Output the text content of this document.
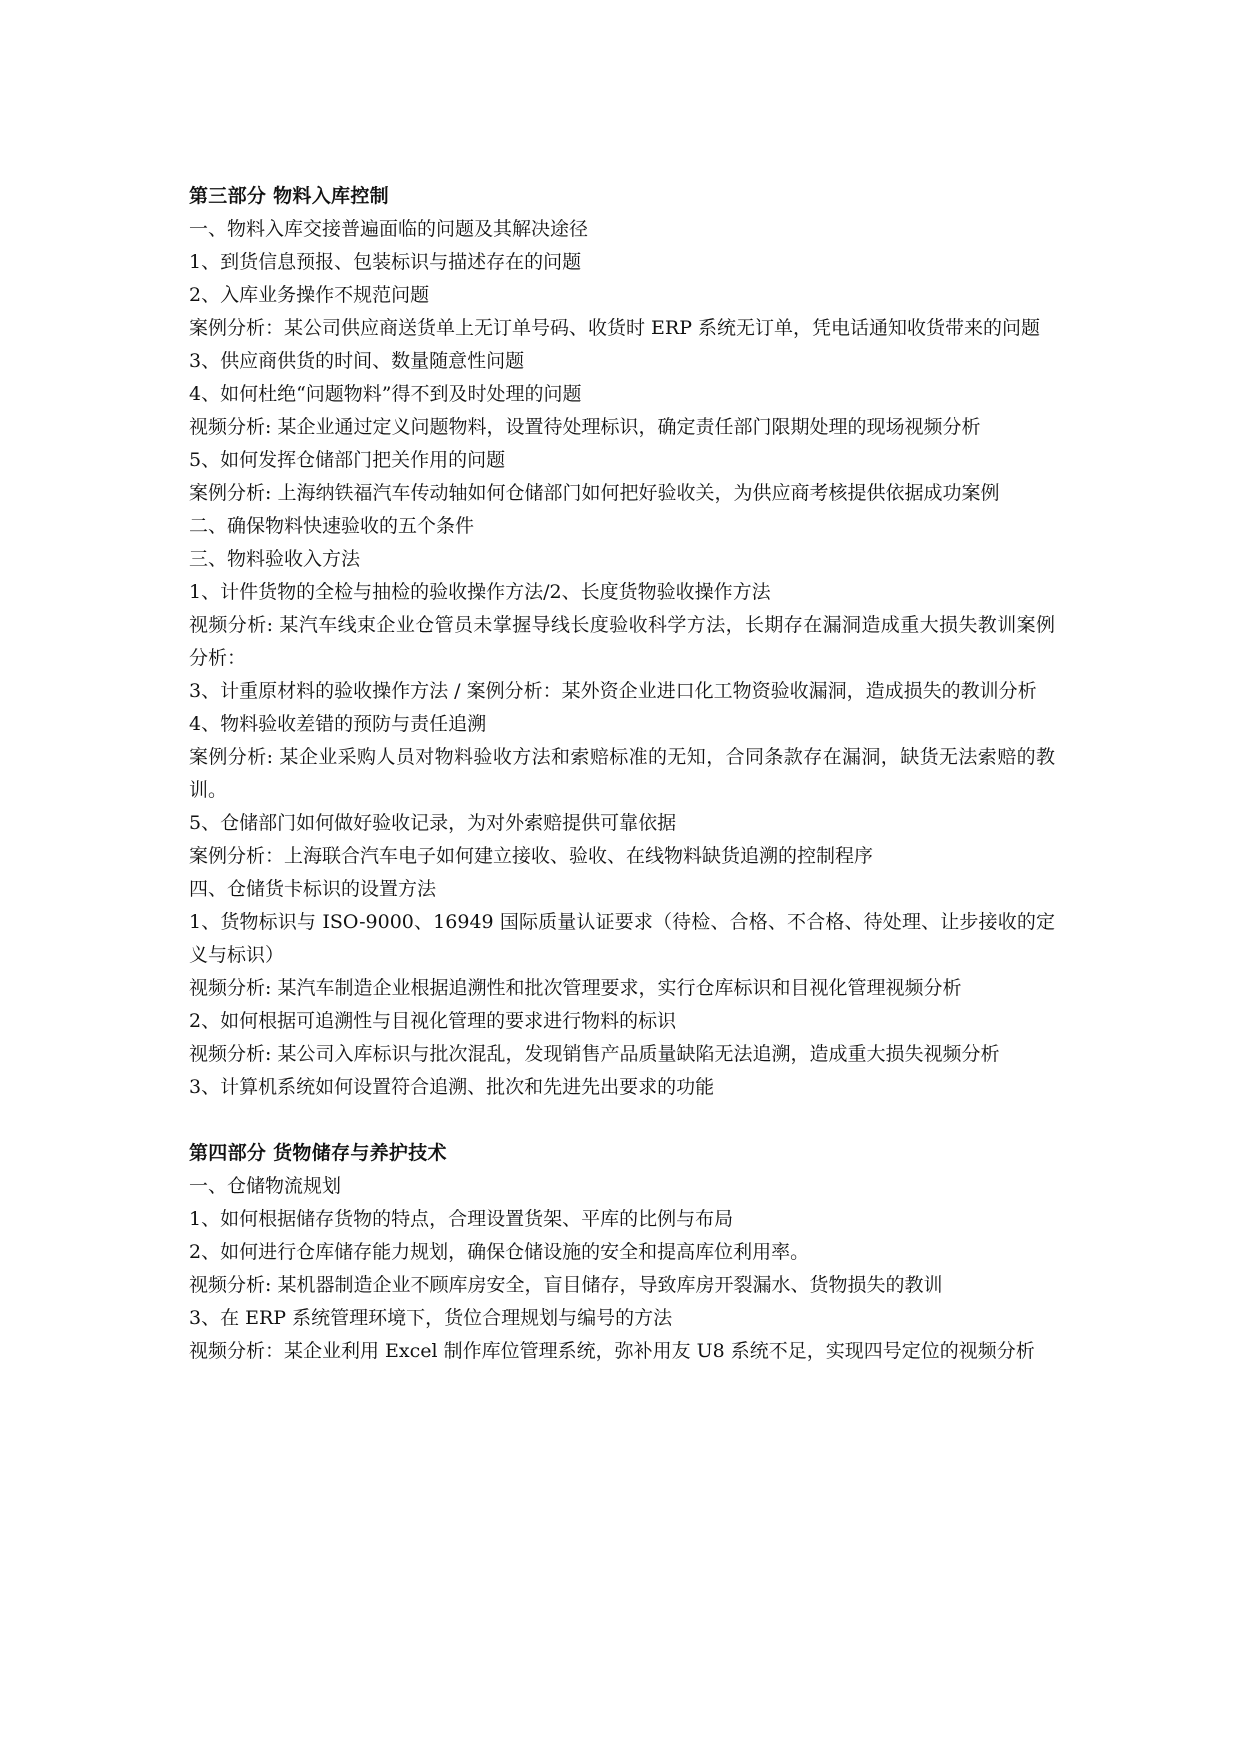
第三部分 物料入库控制
一、物料入库交接普遍面临的问题及其解决途径
1、到货信息预报、包装标识与描述存在的问题
2、入库业务操作不规范问题
案例分析：某公司供应商送货单上无订单号码、收货时 ERP 系统无订单，凭电话通知收货带来的问题
3、供应商供货的时间、数量随意性问题
4、如何杜绝“问题物料”得不到及时处理的问题
视频分析: 某企业通过定义问题物料，设置待处理标识，确定责任部门限期处理的现场视频分析
5、如何发挥仓储部门把关作用的问题
案例分析: 上海纳铁福汽车传动轴如何仓储部门如何把好验收关，为供应商考核提供依据成功案例
二、确保物料快速验收的五个条件
三、物料验收入方法
1、计件货物的全检与抽检的验收操作方法/2、长度货物验收操作方法
视频分析: 某汽车线束企业仓管员未掌握导线长度验收科学方法，长期存在漏洞造成重大损失教训案例分析：
3、计重原材料的验收操作方法 / 案例分析：某外资企业进口化工物资验收漏洞，造成损失的教训分析
4、物料验收差错的预防与责任追溯
案例分析: 某企业采购人员对物料验收方法和索赔标准的无知，合同条款存在漏洞，缺货无法索赔的教训。
5、仓储部门如何做好验收记录，为对外索赔提供可靠依据
案例分析：上海联合汽车电子如何建立接收、验收、在线物料缺货追溯的控制程序
四、仓储货卡标识的设置方法
1、货物标识与 ISO-9000、16949 国际质量认证要求（待检、合格、不合格、待处理、让步接收的定义与标识）
视频分析: 某汽车制造企业根据追溯性和批次管理要求，实行仓库标识和目视化管理视频分析
2、如何根据可追溯性与目视化管理的要求进行物料的标识
视频分析: 某公司入库标识与批次混乱，发现销售产品质量缺陷无法追溯，造成重大损失视频分析
3、计算机系统如何设置符合追溯、批次和先进先出要求的功能
第四部分 货物储存与养护技术
一、仓储物流规划
1、如何根据储存货物的特点，合理设置货架、平库的比例与布局
2、如何进行仓库储存能力规划，确保仓储设施的安全和提高库位利用率。
视频分析: 某机器制造企业不顾库房安全，盲目储存，导致库房开裂漏水、货物损失的教训
3、在 ERP 系统管理环境下，货位合理规划与编号的方法
视频分析：某企业利用 Excel 制作库位管理系统，弥补用友 U8 系统不足，实现四号定位的视频分析
